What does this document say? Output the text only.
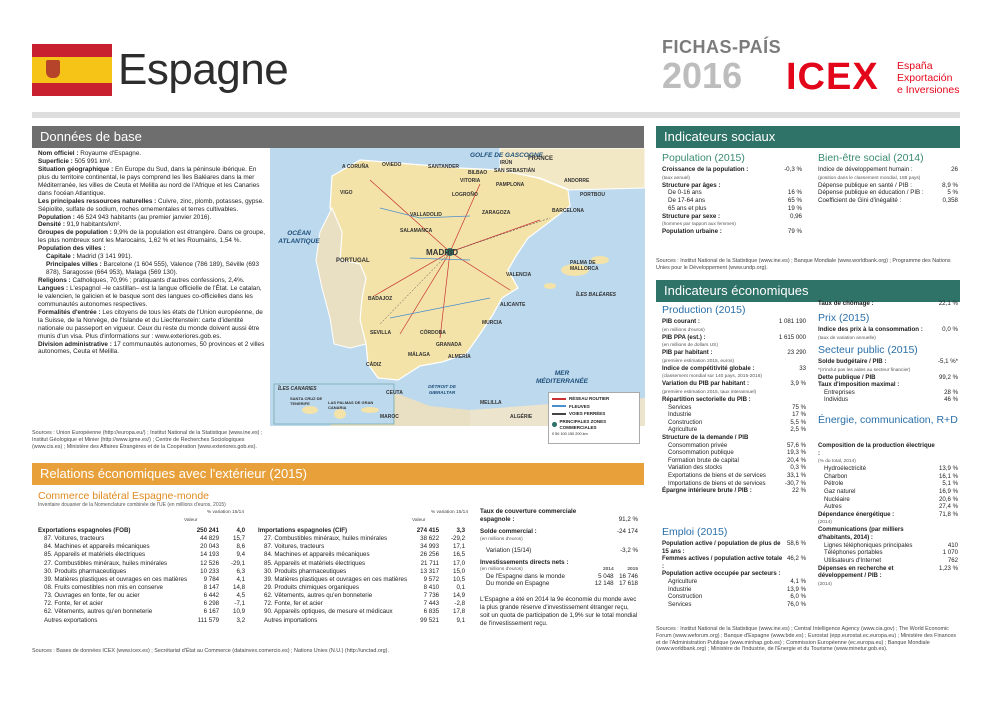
Espagne	FICHAS-PAÍS
2016 ICEX España
Exportación
e Inversiones
Données de base

Nom officiel : Royaume d'Espagne.

Superficie : 505 991 km².

Situation géographique : En Europe du Sud, dans la péninsule ibérique. En plus du territoire continental, le pays comprend les îles Baléares dans la mer Méditerranée, les villes de Ceuta et Melilla au nord de l'Afrique et les Canaries dans l'océan Atlantique.

Les principales ressources naturelles : Cuivre, zinc, plomb, potasses, gypse. Sépiolite, sulfate de sodium, roches ornementales et terres cultivables.

Population : 46 524 943 habitants (au premier janvier 2016).

Densité : 91,9 habitants/km².

Groupes de population : 9,9% de la population est étrangère. Dans ce groupe, les plus nombreux sont les Marocains, 1,62 % et les Roumains, 1,54 %.

Population des villes :

Capitale : Madrid (3 141 991).

Principales villes : Barcelone (1 604 555), Valence (786 189), Séville (693 878), Saragosse (664 953), Malaga (569 130).

Religions : Catholiques, 70,9% ; pratiquants d'autres confessions, 2,4%.

Langues : L'espagnol –le castillan– est la langue officielle de l'État. Le catalan, le valencien, le galicien et le basque sont des langues co-officielles dans les communautés autonomes respectives.

Formalités d'entrée : Les citoyens de tous les états de l'Union européenne, de la Suisse, de la Norvège, de l'Islande et du Liechtenstein: carte d'identité nationale ou passeport en vigueur. Ceux du reste du monde doivent aussi être munis d'un visa. Plus d'informations sur : www.exteriores.gob.es.

Division administrative : 17 communautés autonomes, 50 provinces et 2 villes autonomes, Ceuta et Melilla.

Sources : Union Européenne (http://europa.eu/) ; Institut National de la Statistique (www.ine.es) ; Institut Géologique et Minier (http://www.igme.es/) ; Centre de Recherches Sociologiques (www.cis.es) ; Ministère des Affaires Étrangères et de la Coopération (www.exteriores.gob.es).
GOLFE DE GASCOGNE
OCÉAN ATLANTIQUE
MER MÉDITERRANÉE
DÉTROIT DE GIBRALTAR
FRANCE
PORTUGAL
ANDORRE
MAROC	ALGÉRIE
A CORUÑA	OVIEDO	SANTANDER
BILBAO SAN SEBASTIÁN
VITORIA
PAMPLONA
LOGROÑO
VIGO
VALLADOLID	ZARAGOZA	BARCELONA
SALAMANCA
MADRID
VALENCIA
PALMA DE MALLORCA
BADAJOZ
ALICANTE
MURCIA
CÓRDOBA
SEVILLA
GRANADA
MÁLAGA	ALMERÍA
CÁDIZ
CEUTA
MELILLA
PORTBOU
IRÚN
ÎLES BALÉARES
ÎLES CANARIES
SANTA CRUZ DE TENERIFE	LAS PALMAS DE GRAN CANARIA
RÉSEAU ROUTIER
FLEUVES
VOIES FERRÉES
PRINCIPALES ZONES COMMERCIALES
0 50 100 150 200 km
Relations économiques avec l'extérieur (2015)
Commerce bilatéral Espagne-monde
Inventaire douanier de la Nomenclature combinée de l'UE (en millions d'euros, 2015)
% variation 15/14
Valeur
Exportations espagnoles (FOB)	250 241	4,0
87. Voitures, tracteurs	44 829	15,7
84. Machines et appareils mécaniques	20 043	8,6
85. Appareils et matériels électriques	14 193	9,4
27. Combustibles minéraux, huiles minérales	12 526	-29,1
30. Produits pharmaceutiques	10 233	6,3
39. Matières plastiques et ouvrages en ces matières	9 784	4,1
08. Fruits comestibles non mis en conserve	8 147	14,8
73. Ouvrages en fonte, fer ou acier	6 442	4,5
72. Fonte, fer et acier	6 298	-7,1
62. Vêtements, autres qu'en bonneterie	6 167	10,9
Autres exportations	111 579	3,2
% variation 15/14
Valeur
Importations espagnoles (CIF)	274 415	3,3
27. Combustibles minéraux, huiles minérales	38 622	-29,2
87. Voitures, tracteurs	34 993	17,1
84. Machines et appareils mécaniques	26 256	16,5
85. Appareils et matériels électriques	21 711	17,0
30. Produits pharmaceutiques	13 317	15,0
39. Matières plastiques et ouvrages en ces matières	9 572	10,5
29. Produits chimiques organiques	8 410	0,1
62. Vêtements, autres qu'en bonneterie	7 736	14,9
72. Fonte, fer et acier	7 443	-2,8
90. Appareils optiques, de mesure et médicaux	6 835	17,8
Autres importations	99 521	9,1
Taux de couverture commerciale espagnole :	91,2 %
Solde commercial :
(en millions d'euros)	-24 174
Variation (15/14)	-3,2 %
Investissements directs nets :
(en millions d'euros)	2014	2015
De l'Espagne dans le monde	5 048	16 746
Du monde en Espagne	12 148	17 618
L'Espagne a été en 2014 la 9e économie du monde avec la plus grande réserve d'investissement étranger reçu, soit un quota de participation de 1,9% sur le total mondial de l'investissement reçu.
Sources : Bases de données ICEX (www.icex.es) ; Secrétariat d'État au Commerce (datainvex.comercio.es) ; Nations Unies (N.U.) (http://unctad.org).
Indicateurs sociaux
Population (2015)
Croissance de la population :
(taux annuel)	-0,3 %
Structure par âges :	
De 0-16 ans	16 %
De 17-64 ans	65 %
65 ans et plus	19 %
Structure par sexe :
(hommes par rapport aux femmes)	0,96
Population urbaine :	79 %
Bien-être social (2014)
Indice de développement humain :
(position dans le classement mondial, 188 pays)	26
Dépense publique en santé / PIB :	8,9 %
Dépense publique en éducation / PIB :	5 %
Coefficient de Gini d'inégalité :	0,358
Sources : Institut National de la Statistique (www.ine.es) ; Banque Mondiale (www.worldbank.org) ; Programme des Nations Unies pour le Développement (www.undp.org).
Indicateurs économiques
Production (2015)
PIB courant :
(en millions d'euros)	1 081 190
PIB PPA (est.) :
(en millions de dollars US)	1 615 000
PIB par habitant :
(première estimation 2015, euros)	23 290
Indice de compétitivité globale :
(classement mondial sur 140 pays, 2015-2016)	33
Variation du PIB par habitant :
(première estimation 2015, taux interannuel)	3,9 %
Répartition sectorielle du PIB :	
Services	75 %
Industrie	17 %
Construction	5,5 %
Agriculture	2,5 %
Structure de la demande / PIB	
Consommation privée	57,6 %
Consommation publique	19,3 %
Formation brute de capital	20,4 %
Variation des stocks	0,3 %
Exportations de biens et de services	33,1 %
Importations de biens et de services	-30,7 %
Épargne intérieure brute / PIB :	22 %
Emploi (2015)
Population active / population de plus de 15 ans :	58,6 %
Femmes actives / population active totale :	46,2 %
Population active occupée par secteurs :	
Agriculture	4,1 %
Industrie	13,9 %
Construction	6,0 %
Services	76,0 %
Taux de chômage :	22,1 %
Prix (2015)
Indice des prix à la consommation :
(taux de variation annuelle)	0,0 %
Secteur public (2015)
Solde budgétaire / PIB :
*(n'inclut pas les aides au secteur financier)	-5,1 %*
Dette publique / PIB	99,2 %
Taux d'imposition maximal :	
Entreprises	28 %
Individus	46 %
Énergie, communication, R+D
Composition de la production électrique :
(% du total, 2014)	
Hydroélectricité	13,9 %
Charbon	16,1 %
Pétrole	5,1 %
Gaz naturel	16,9 %
Nucléaire	20,6 %
Autres	27,4 %
Dépendance énergétique :
(2014)	71,8 %
Communications (par milliers d'habitants, 2014) :	
Lignes téléphoniques principales	410
Téléphones portables	1 070
Utilisateurs d'Internet	762
Dépenses en recherche et développement / PIB :
(2014)	1,23 %
Sources : Institut National de la Statistique (www.ine.es) ; Central Intelligence Agency (www.cia.gov) ; The World Economic Forum (www.weforum.org) ; Banque d'Espagne (www.bde.es) ; Eurostat (epp.eurostat.ec.europa.eu) ; Ministère des Finances et de l'Administration Publique (www.minhap.gob.es) ; Commission Européenne (ec.europa.eu) ; Banque Mondiale (www.worldbank.org) ; Ministère de l'Industrie, de l'Énergie et du Tourisme (www.minetur.gob.es).
